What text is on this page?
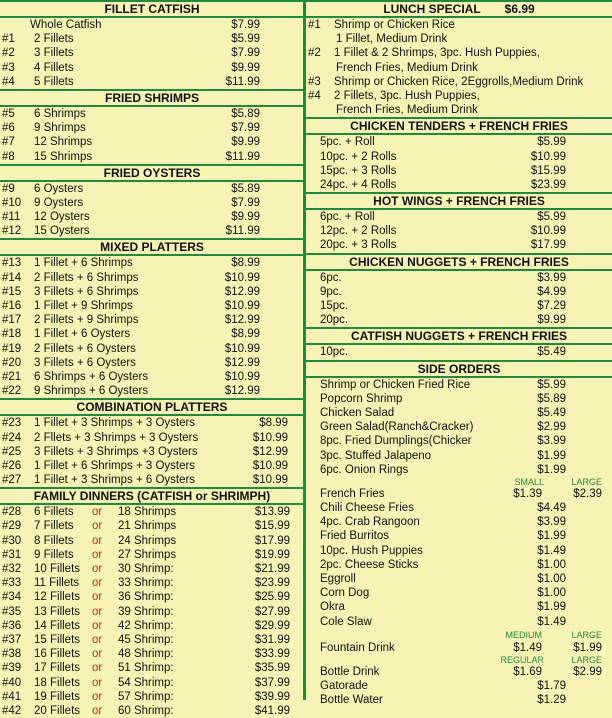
FILLET CATFISH
Whole Catfish	$7.99
#1 2 Fillets	$5.99
#2 3 Fillets	$7.99
#3 4 Fillets	$9.99
#4 5 Fillets	$11.99
FRIED SHRIMPS
#5 6 Shrimps	$5.89
#6 9 Shrimps	$7.99
#7 12 Shrimps	$9.99
#8 15 Shrimps	$11.99
FRIED OYSTERS
#9 6 Oysters	$5.89
#10 9 Oysters	$7.99
#11 12 Oysters	$9.99
#12 15 Oysters	$11.99
MIXED PLATTERS
#13 1 Fillet + 6 Shrimps	$8.99
#14 2 Fillets + 6 Shrimps	$10.99
#15 3 Fillets + 6 Shrimps	$12.99
#16 1 Fillet + 9 Shrimps	$10.99
#17 2 Fillets + 9 Shrimps	$12.99
#18 1 Fillet + 6 Oysters	$8.99
#19 2 Fillets + 6 Oysters	$10.99
#20 3 Fillets + 6 Oysters	$12.99
#21 6 Shrimps + 6 Oysters	$10.99
#22 9 Shrimps + 6 Oysters	$12.99
COMBINATION PLATTERS
#23 1 Fillet + 3 Shrimps + 3 Oysters	$8.99
#24 2 Fllets + 3 Shrimps + 3 Oysters	$10.99
#25 3 Fillets + 3 Shrimps +3 Oysters	$12.99
#26 1 Fillet + 6 Shrimps + 3 Oysters	$10.99
#27 1 Fillet + 3 Shrimps + 6 Oysters	$10.99
FAMILY DINNERS (CATFISH or SHRIMPH)
#28 6 Fillets or 18 Shrimps	$13.99
#29 7 Fillets or 21 Shrimps	$15.99
#30 8 Fillets or 24 Shrimps	$17.99
#31 9 Fillets or 27 Shrimps	$19.99
#32 10 Fillets or 30 Shrimp:	$21.99
#33 11 Fillets or 33 Shrimp:	$23.99
#34 12 Fillets or 36 Shrimp:	$25.99
#35 13 Fillets or 39 Shrimp:	$27.99
#36 14 Fillets or 42 Shrimp:	$29.99
#37 15 Fillets or 45 Shrimp:	$31.99
#38 16 Fillets or 48 Shrimp:	$33.99
#39 17 Fillets or 51 Shrimp:	$35.99
#40 18 Fillets or 54 Shrimp:	$37.99
#41 19 Fillets or 57 Shrimp:	$39.99
#42 20 Fillets or 60 Shrimp:	$41.99
LUNCH SPECIAL $6.99
#1 Shrimp or Chicken Rice
1 Fillet, Medium Drink
#2 1 Fillet & 2 Shrimps, 3pc. Hush Puppies,
French Fries, Medium Drink
#3 Shrimp or Chicken Rice, 2Eggrolls,Medium Drink
#4 2 Fillets, 3pc. Hush Puppies,
French Fries, Medium Drink
CHICKEN TENDERS + FRENCH FRIES
5pc. + Roll	$5.99
10pc. + 2 Rolls	$10.99
15pc. + 3 Rolls	$15.99
24pc. + 4 Rolls	$23.99
HOT WINGS + FRENCH FRIES
6pc. + Roll	$5.99
12pc. + 2 Rolls	$10.99
20pc. + 3 Rolls	$17.99
CHICKEN NUGGETS + FRENCH FRIES
6pc.	$3.99
9pc.	$4.99
15pc.	$7.29
20pc.	$9.99
CATFISH NUGGETS + FRENCH FRIES
10pc.	$5.49
SIDE ORDERS
Shrimp or Chicken Fried Rice	$5.99
Popcorn Shrimp	$5.89
Chicken Salad	$5.49
Green Salad(Ranch&Cracker)	$2.99
8pc. Fried Dumplings(Chicker	$3.99
3pc. Stuffed Jalapeno	$1.99
6pc. Onion Rings	$1.99
SMALL	LARGE
French Fries	$1.39	$2.39
Chili Cheese Fries	$4.49
4pc. Crab Rangoon	$3.99
Fried Burritos	$1.99
10pc. Hush Puppies	$1.49
2pc. Cheese Sticks	$1.00
Eggroll	$1.00
Corn Dog	$1.00
Okra	$1.99
Cole Slaw	$1.49
MEDIUM	LARGE
Fountain Drink	$1.49	$1.99
REGULAR	LARGE
Bottle Drink	$1.69	$2.99
Gatorade	$1.79
Bottle Water	$1.29
